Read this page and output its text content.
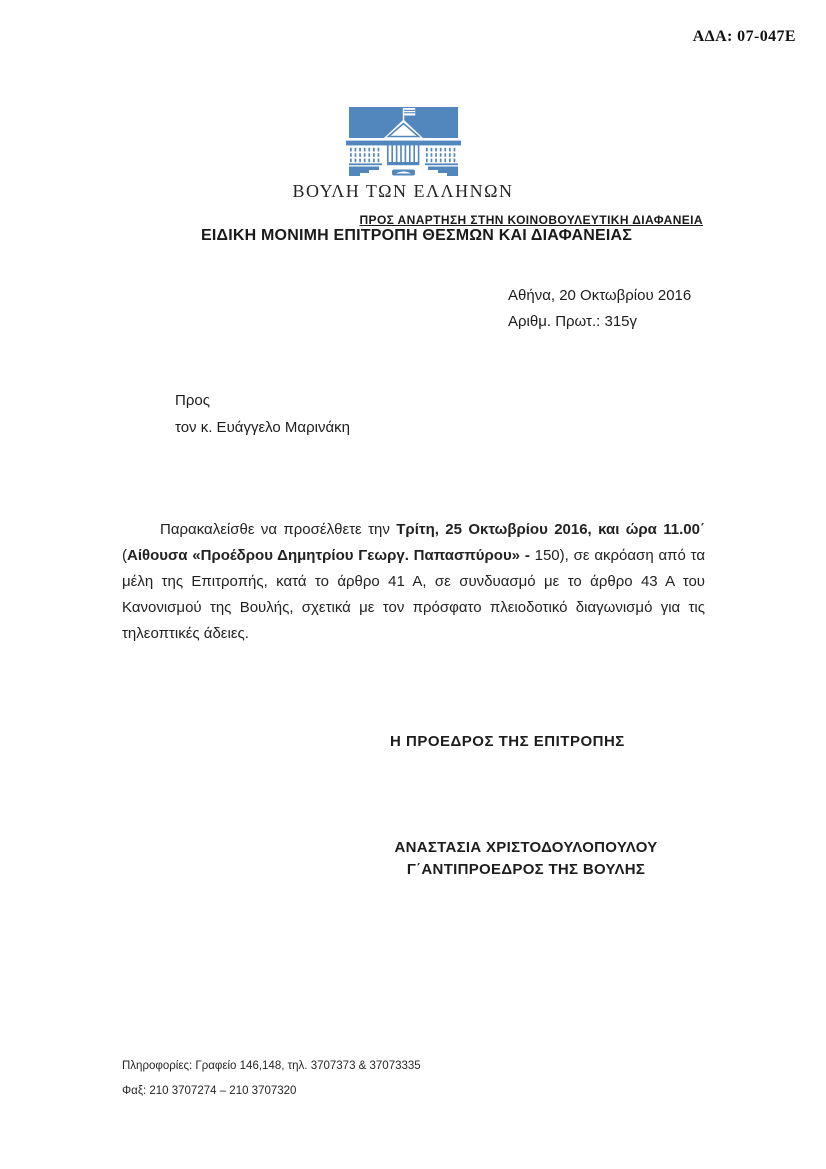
ΑΔΑ: 07-047E
ΒΟΥΛΗ ΤΩΝ ΕΛΛΗΝΩΝ
ΠΡΟΣ ΑΝΑΡΤΗΣΗ ΣΤΗΝ ΚΟΙΝΟΒΟΥΛΕΥΤΙΚΗ ΔΙΑΦΑΝΕΙΑ
ΕΙΔΙΚΗ ΜΟΝΙΜΗ ΕΠΙΤΡΟΠΗ ΘΕΣΜΩΝ ΚΑΙ ΔΙΑΦΑΝΕΙΑΣ
Αθήνα, 20 Οκτωβρίου 2016
Αριθμ. Πρωτ.: 315γ
Προς
τον κ. Ευάγγελο Μαρινάκη

Παρακαλείσθε να προσέλθετε την Τρίτη, 25 Οκτωβρίου 2016, και ώρα 11.00΄ (Αίθουσα «Προέδρου Δημητρίου Γεωργ. Παπασπύρου» - 150), σε ακρόαση από τα μέλη της Επιτροπής, κατά το άρθρο 41 Α, σε συνδυασμό με το άρθρο 43 Α του Κανονισμού της Βουλής, σχετικά με τον πρόσφατο πλειοδοτικό διαγωνισμό για τις τηλεοπτικές άδειες.

Η ΠΡΟΕΔΡΟΣ ΤΗΣ ΕΠΙΤΡΟΠΗΣ
ΑΝΑΣΤΑΣΙΑ ΧΡΙΣΤΟΔΟΥΛΟΠΟΥΛΟΥ
Γ΄ΑΝΤΙΠΡΟΕΔΡΟΣ ΤΗΣ ΒΟΥΛΗΣ
Πληροφορίες: Γραφείο 146,148, τηλ. 3707373 & 37073335
Φαξ: 210 3707274 – 210 3707320
